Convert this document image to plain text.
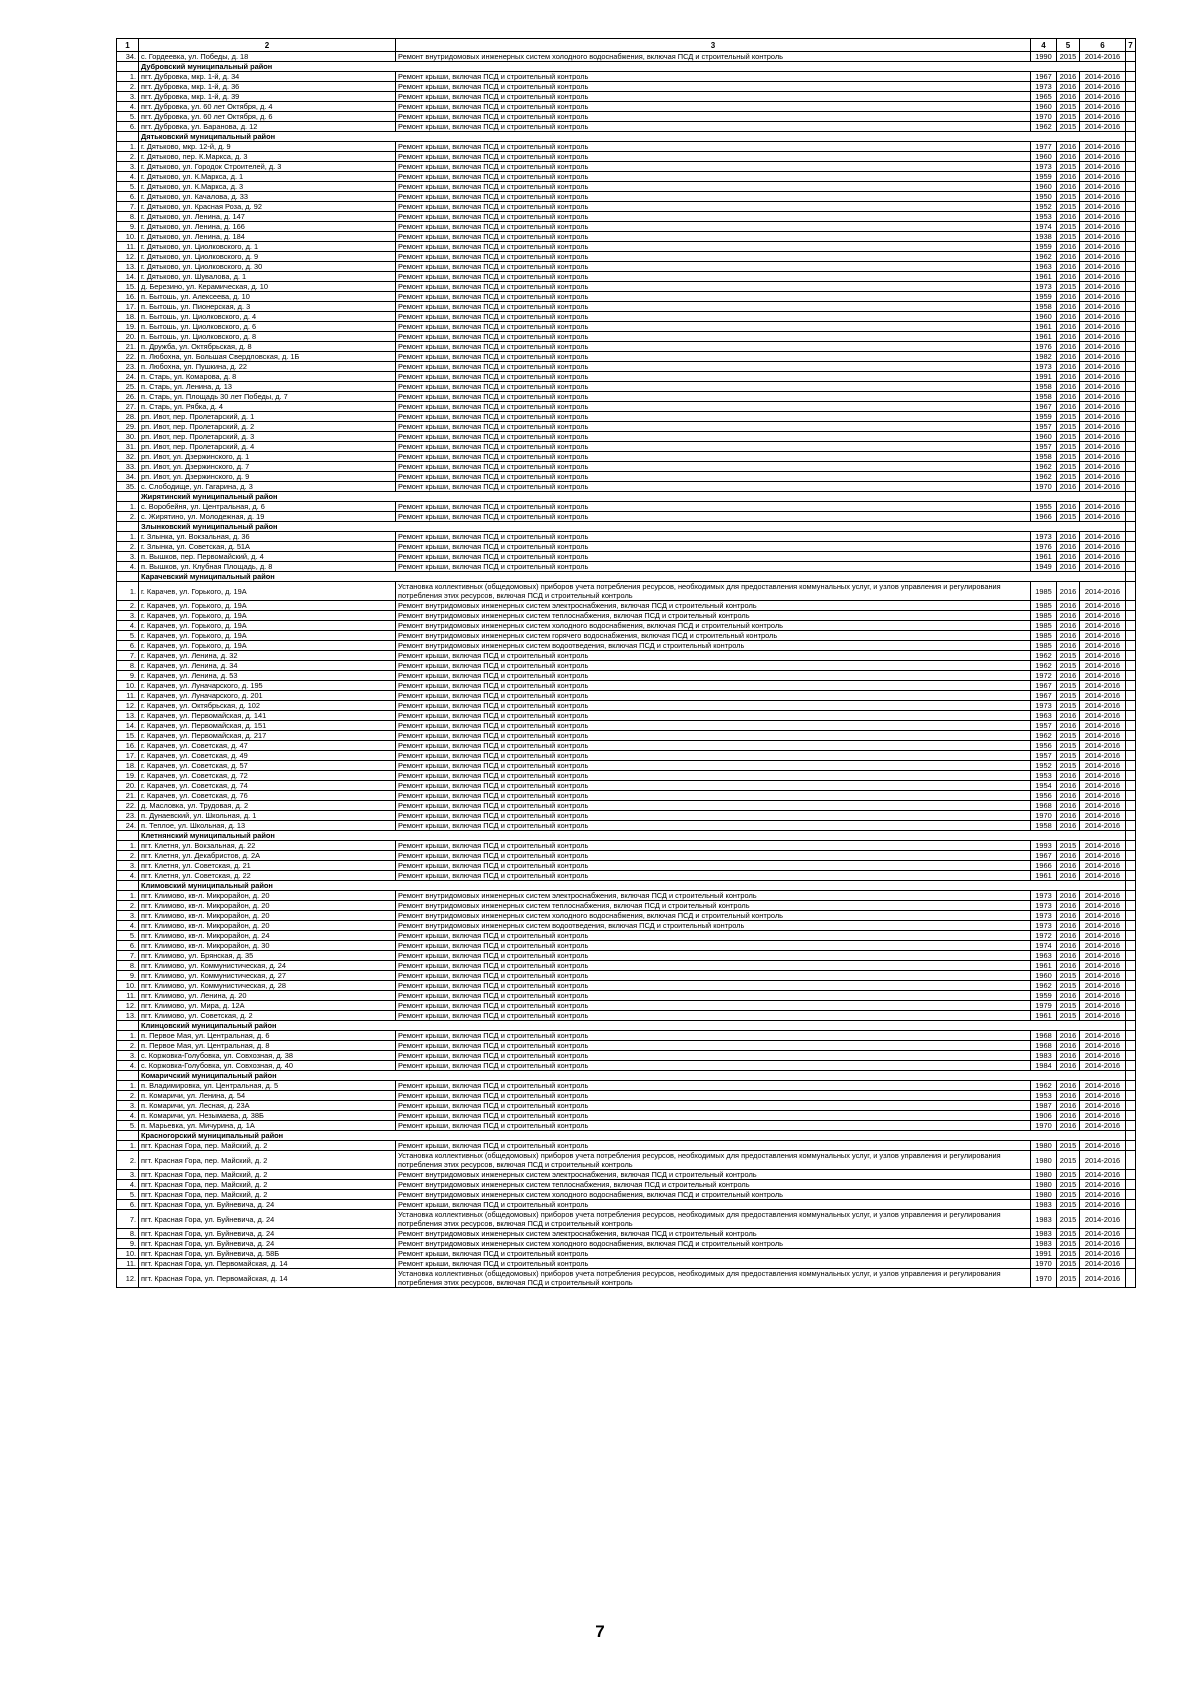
1	2	3	4	5	6	7
34.	с. Гордеевка, ул. Победы, д. 18	Ремонт внутридомовых инженерных систем холодного водоснабжения, включая ПСД и строительный контроль	1990	2015	2014-2016	
	Дубровский муниципальный район					
1.	пгт. Дубровка, мкр. 1-й, д. 34	Ремонт крыши, включая ПСД и строительный контроль	1967	2016	2014-2016	
2.	пгт. Дубровка, мкр. 1-й, д. 36	Ремонт крыши, включая ПСД и строительный контроль	1973	2016	2014-2016	
3.	пгт. Дубровка, мкр. 1-й, д. 39	Ремонт крыши, включая ПСД и строительный контроль	1965	2016	2014-2016	
4.	пгт. Дубровка, ул. 60 лет Октября, д. 4	Ремонт крыши, включая ПСД и строительный контроль	1960	2015	2014-2016	
5.	пгт. Дубровка, ул. 60 лет Октября, д. 6	Ремонт крыши, включая ПСД и строительный контроль	1970	2015	2014-2016	
6.	пгт. Дубровка, ул. Баранова, д. 12	Ремонт крыши, включая ПСД и строительный контроль	1962	2015	2014-2016	
	Дятьковский муниципальный район					
1.	г. Дятьково, мкр. 12-й, д. 9	Ремонт крыши, включая ПСД и строительный контроль	1977	2016	2014-2016	
2.	г. Дятьково, пер. К.Маркса, д. 3	Ремонт крыши, включая ПСД и строительный контроль	1960	2016	2014-2016	
3.	г. Дятьково, ул. Городок Строителей, д. 3	Ремонт крыши, включая ПСД и строительный контроль	1973	2015	2014-2016	
4.	г. Дятьково, ул. К.Маркса, д. 1	Ремонт крыши, включая ПСД и строительный контроль	1959	2016	2014-2016	
5.	г. Дятьково, ул. К.Маркса, д. 3	Ремонт крыши, включая ПСД и строительный контроль	1960	2016	2014-2016	
6.	г. Дятьково, ул. Качалова, д. 33	Ремонт крыши, включая ПСД и строительный контроль	1950	2015	2014-2016	
7.	г. Дятьково, ул. Красная Роза, д. 92	Ремонт крыши, включая ПСД и строительный контроль	1952	2015	2014-2016	
8.	г. Дятьково, ул. Ленина, д. 147	Ремонт крыши, включая ПСД и строительный контроль	1953	2016	2014-2016	
9.	г. Дятьково, ул. Ленина, д. 166	Ремонт крыши, включая ПСД и строительный контроль	1974	2015	2014-2016	
10.	г. Дятьково, ул. Ленина, д. 184	Ремонт крыши, включая ПСД и строительный контроль	1938	2015	2014-2016	
11.	г. Дятьково, ул. Циолковского, д. 1	Ремонт крыши, включая ПСД и строительный контроль	1959	2016	2014-2016	
12.	г. Дятьково, ул. Циолковского, д. 9	Ремонт крыши, включая ПСД и строительный контроль	1962	2016	2014-2016	
13.	г. Дятьково, ул. Циолковского, д. 30	Ремонт крыши, включая ПСД и строительный контроль	1963	2016	2014-2016	
14.	г. Дятьково, ул. Шувалова, д. 1	Ремонт крыши, включая ПСД и строительный контроль	1961	2016	2014-2016	
15.	д. Березино, ул. Керамическая, д. 10	Ремонт крыши, включая ПСД и строительный контроль	1973	2015	2014-2016	
16.	п. Бытошь, ул. Алексеева, д. 10	Ремонт крыши, включая ПСД и строительный контроль	1959	2016	2014-2016	
17.	п. Бытошь, ул. Пионерская, д. 3	Ремонт крыши, включая ПСД и строительный контроль	1958	2016	2014-2016	
18.	п. Бытошь, ул. Циолковского, д. 4	Ремонт крыши, включая ПСД и строительный контроль	1960	2016	2014-2016	
19.	п. Бытошь, ул. Циолковского, д. 6	Ремонт крыши, включая ПСД и строительный контроль	1961	2016	2014-2016	
20.	п. Бытошь, ул. Циолковского, д. 8	Ремонт крыши, включая ПСД и строительный контроль	1961	2016	2014-2016	
21.	п. Дружба, ул. Октябрьская, д. 8	Ремонт крыши, включая ПСД и строительный контроль	1976	2016	2014-2016	
22.	п. Любохна, ул. Большая Свердловская, д. 1Б	Ремонт крыши, включая ПСД и строительный контроль	1982	2016	2014-2016	
23.	п. Любохна, ул. Пушкина, д. 22	Ремонт крыши, включая ПСД и строительный контроль	1973	2016	2014-2016	
24.	п. Старь, ул. Комарова, д. 8	Ремонт крыши, включая ПСД и строительный контроль	1991	2016	2014-2016	
25.	п. Старь, ул. Ленина, д. 13	Ремонт крыши, включая ПСД и строительный контроль	1958	2016	2014-2016	
26.	п. Старь, ул. Площадь 30 лет Победы, д. 7	Ремонт крыши, включая ПСД и строительный контроль	1958	2016	2014-2016	
27.	п. Старь, ул. Рябка, д. 4	Ремонт крыши, включая ПСД и строительный контроль	1967	2016	2014-2016	
28.	рп. Ивот, пер. Пролетарский, д. 1	Ремонт крыши, включая ПСД и строительный контроль	1959	2015	2014-2016	
29.	рп. Ивот, пер. Пролетарский, д. 2	Ремонт крыши, включая ПСД и строительный контроль	1957	2015	2014-2016	
30.	рп. Ивот, пер. Пролетарский, д. 3	Ремонт крыши, включая ПСД и строительный контроль	1960	2015	2014-2016	
31.	рп. Ивот, пер. Пролетарский, д. 4	Ремонт крыши, включая ПСД и строительный контроль	1957	2015	2014-2016	
32.	рп. Ивот, ул. Дзержинского, д. 1	Ремонт крыши, включая ПСД и строительный контроль	1958	2015	2014-2016	
33.	рп. Ивот, ул. Дзержинского, д. 7	Ремонт крыши, включая ПСД и строительный контроль	1962	2015	2014-2016	
34.	рп. Ивот, ул. Дзержинского, д. 9	Ремонт крыши, включая ПСД и строительный контроль	1962	2015	2014-2016	
35.	с. Слободище, ул. Гагарина, д. 3	Ремонт крыши, включая ПСД и строительный контроль	1970	2016	2014-2016	
	Жирятинский муниципальный район					
1.	с. Воробейня, ул. Центральная, д. 6	Ремонт крыши, включая ПСД и строительный контроль	1955	2016	2014-2016	
2.	с. Жирятино, ул. Молодежная, д. 19	Ремонт крыши, включая ПСД и строительный контроль	1966	2015	2014-2016	
	Злынковский муниципальный район					
1.	г. Злынка, ул. Вокзальная, д. 36	Ремонт крыши, включая ПСД и строительный контроль	1973	2016	2014-2016	
2.	г. Злынка, ул. Советская, д. 51А	Ремонт крыши, включая ПСД и строительный контроль	1976	2016	2014-2016	
3.	п. Вышков, пер. Первомайский, д. 4	Ремонт крыши, включая ПСД и строительный контроль	1961	2016	2014-2016	
4.	п. Вышков, ул. Клубная Площадь, д. 8	Ремонт крыши, включая ПСД и строительный контроль	1949	2016	2014-2016	
	Карачевский муниципальный район					
1.	г. Карачев, ул. Горького, д. 19А	Установка коллективных (общедомовых) приборов учета потребления ресурсов, необходимых для предоставления коммунальных услуг, и узлов управления и регулирования потребления этих ресурсов, включая ПСД и строительный контроль	1985	2016	2014-2016	
2.	г. Карачев, ул. Горького, д. 19А	Ремонт внутридомовых инженерных систем электроснабжения, включая ПСД и строительный контроль	1985	2016	2014-2016	
3.	г. Карачев, ул. Горького, д. 19А	Ремонт внутридомовых инженерных систем теплоснабжения, включая ПСД и строительный контроль	1985	2016	2014-2016	
4.	г. Карачев, ул. Горького, д. 19А	Ремонт внутридомовых инженерных систем холодного водоснабжения, включая ПСД и строительный контроль	1985	2016	2014-2016	
5.	г. Карачев, ул. Горького, д. 19А	Ремонт внутридомовых инженерных систем горячего водоснабжения, включая ПСД и строительный контроль	1985	2016	2014-2016	
6.	г. Карачев, ул. Горького, д. 19А	Ремонт внутридомовых инженерных систем водоотведения, включая ПСД и строительный контроль	1985	2016	2014-2016	
7.	г. Карачев, ул. Ленина, д. 32	Ремонт крыши, включая ПСД и строительный контроль	1962	2015	2014-2016	
8.	г. Карачев, ул. Ленина, д. 34	Ремонт крыши, включая ПСД и строительный контроль	1962	2015	2014-2016	
9.	г. Карачев, ул. Ленина, д. 53	Ремонт крыши, включая ПСД и строительный контроль	1972	2016	2014-2016	
10.	г. Карачев, ул. Луначарского, д. 195	Ремонт крыши, включая ПСД и строительный контроль	1967	2015	2014-2016	
11.	г. Карачев, ул. Луначарского, д. 201	Ремонт крыши, включая ПСД и строительный контроль	1967	2015	2014-2016	
12.	г. Карачев, ул. Октябрьская, д. 102	Ремонт крыши, включая ПСД и строительный контроль	1973	2015	2014-2016	
13.	г. Карачев, ул. Первомайская, д. 141	Ремонт крыши, включая ПСД и строительный контроль	1963	2016	2014-2016	
14.	г. Карачев, ул. Первомайская, д. 151	Ремонт крыши, включая ПСД и строительный контроль	1957	2016	2014-2016	
15.	г. Карачев, ул. Первомайская, д. 217	Ремонт крыши, включая ПСД и строительный контроль	1962	2015	2014-2016	
16.	г. Карачев, ул. Советская, д. 47	Ремонт крыши, включая ПСД и строительный контроль	1956	2015	2014-2016	
17.	г. Карачев, ул. Советская, д. 49	Ремонт крыши, включая ПСД и строительный контроль	1957	2015	2014-2016	
18.	г. Карачев, ул. Советская, д. 57	Ремонт крыши, включая ПСД и строительный контроль	1952	2015	2014-2016	
19.	г. Карачев, ул. Советская, д. 72	Ремонт крыши, включая ПСД и строительный контроль	1953	2016	2014-2016	
20.	г. Карачев, ул. Советская, д. 74	Ремонт крыши, включая ПСД и строительный контроль	1954	2016	2014-2016	
21.	г. Карачев, ул. Советская, д. 76	Ремонт крыши, включая ПСД и строительный контроль	1956	2016	2014-2016	
22.	д. Масловка, ул. Трудовая, д. 2	Ремонт крыши, включая ПСД и строительный контроль	1968	2016	2014-2016	
23.	п. Дунаевский, ул. Школьная, д. 1	Ремонт крыши, включая ПСД и строительный контроль	1970	2016	2014-2016	
24.	п. Теплое, ул. Школьная, д. 13	Ремонт крыши, включая ПСД и строительный контроль	1958	2016	2014-2016	
	Клетнянский муниципальный район					
1.	пгт. Клетня, ул. Вокзальная, д. 22	Ремонт крыши, включая ПСД и строительный контроль	1993	2015	2014-2016	
2.	пгт. Клетня, ул. Декабристов, д. 2А	Ремонт крыши, включая ПСД и строительный контроль	1967	2016	2014-2016	
3.	пгт. Клетня, ул. Советская, д. 21	Ремонт крыши, включая ПСД и строительный контроль	1966	2016	2014-2016	
4.	пгт. Клетня, ул. Советская, д. 22	Ремонт крыши, включая ПСД и строительный контроль	1961	2016	2014-2016	
	Климовский муниципальный район					
1.	пгт. Климово, кв-л. Микрорайон, д. 20	Ремонт внутридомовых инженерных систем электроснабжения, включая ПСД и строительный контроль	1973	2016	2014-2016	
2.	пгт. Климово, кв-л. Микрорайон, д. 20	Ремонт внутридомовых инженерных систем теплоснабжения, включая ПСД и строительный контроль	1973	2016	2014-2016	
3.	пгт. Климово, кв-л. Микрорайон, д. 20	Ремонт внутридомовых инженерных систем холодного водоснабжения, включая ПСД и строительный контроль	1973	2016	2014-2016	
4.	пгт. Климово, кв-л. Микрорайон, д. 20	Ремонт внутридомовых инженерных систем водоотведения, включая ПСД и строительный контроль	1973	2016	2014-2016	
5.	пгт. Климово, кв-л. Микрорайон, д. 24	Ремонт крыши, включая ПСД и строительный контроль	1972	2016	2014-2016	
6.	пгт. Климово, кв-л. Микрорайон, д. 30	Ремонт крыши, включая ПСД и строительный контроль	1974	2016	2014-2016	
7.	пгт. Климово, ул. Брянская, д. 35	Ремонт крыши, включая ПСД и строительный контроль	1963	2016	2014-2016	
8.	пгт. Климово, ул. Коммунистическая, д. 24	Ремонт крыши, включая ПСД и строительный контроль	1961	2016	2014-2016	
9.	пгт. Климово, ул. Коммунистическая, д. 27	Ремонт крыши, включая ПСД и строительный контроль	1960	2015	2014-2016	
10.	пгт. Климово, ул. Коммунистическая, д. 28	Ремонт крыши, включая ПСД и строительный контроль	1962	2015	2014-2016	
11.	пгт. Климово, ул. Ленина, д. 20	Ремонт крыши, включая ПСД и строительный контроль	1959	2016	2014-2016	
12.	пгт. Климово, ул. Мира, д. 12А	Ремонт крыши, включая ПСД и строительный контроль	1979	2015	2014-2016	
13.	пгт. Климово, ул. Советская, д. 2	Ремонт крыши, включая ПСД и строительный контроль	1961	2015	2014-2016	
	Клинцовский муниципальный район					
1.	п. Первое Мая, ул. Центральная, д. 6	Ремонт крыши, включая ПСД и строительный контроль	1968	2016	2014-2016	
2.	п. Первое Мая, ул. Центральная, д. 8	Ремонт крыши, включая ПСД и строительный контроль	1968	2016	2014-2016	
3.	с. Коржовка-Голубовка, ул. Совхозная, д. 38	Ремонт крыши, включая ПСД и строительный контроль	1983	2016	2014-2016	
4.	с. Коржовка-Голубовка, ул. Совхозная, д. 40	Ремонт крыши, включая ПСД и строительный контроль	1984	2016	2014-2016	
	Комаричский муниципальный район					
1.	п. Владимировка, ул. Центральная, д. 5	Ремонт крыши, включая ПСД и строительный контроль	1962	2016	2014-2016	
2.	п. Комаричи, ул. Ленина, д. 54	Ремонт крыши, включая ПСД и строительный контроль	1953	2016	2014-2016	
3.	п. Комаричи, ул. Лесная, д. 23А	Ремонт крыши, включая ПСД и строительный контроль	1987	2016	2014-2016	
4.	п. Комаричи, ул. Незымаева, д. 38Б	Ремонт крыши, включая ПСД и строительный контроль	1906	2016	2014-2016	
5.	п. Марьевка, ул. Мичурина, д. 1А	Ремонт крыши, включая ПСД и строительный контроль	1970	2016	2014-2016	
	Красногорский муниципальный район					
1.	пгт. Красная Гора, пер. Майский, д. 2	Ремонт крыши, включая ПСД и строительный контроль	1980	2015	2014-2016	
2.	пгт. Красная Гора, пер. Майский, д. 2	Установка коллективных (общедомовых) приборов учета потребления ресурсов, необходимых для предоставления коммунальных услуг, и узлов управления и регулирования потребления этих ресурсов, включая ПСД и строительный контроль	1980	2015	2014-2016	
3.	пгт. Красная Гора, пер. Майский, д. 2	Ремонт внутридомовых инженерных систем электроснабжения, включая ПСД и строительный контроль	1980	2015	2014-2016	
4.	пгт. Красная Гора, пер. Майский, д. 2	Ремонт внутридомовых инженерных систем теплоснабжения, включая ПСД и строительный контроль	1980	2015	2014-2016	
5.	пгт. Красная Гора, пер. Майский, д. 2	Ремонт внутридомовых инженерных систем холодного водоснабжения, включая ПСД и строительный контроль	1980	2015	2014-2016	
6.	пгт. Красная Гора, ул. Буйневича, д. 24	Ремонт крыши, включая ПСД и строительный контроль	1983	2015	2014-2016	
7.	пгт. Красная Гора, ул. Буйневича, д. 24	Установка коллективных (общедомовых) приборов учета потребления ресурсов, необходимых для предоставления коммунальных услуг, и узлов управления и регулирования потребления этих ресурсов, включая ПСД и строительный контроль	1983	2015	2014-2016	
8.	пгт. Красная Гора, ул. Буйневича, д. 24	Ремонт внутридомовых инженерных систем электроснабжения, включая ПСД и строительный контроль	1983	2015	2014-2016	
9.	пгт. Красная Гора, ул. Буйневича, д. 24	Ремонт внутридомовых инженерных систем холодного водоснабжения, включая ПСД и строительный контроль	1983	2015	2014-2016	
10.	пгт. Красная Гора, ул. Буйневича, д. 58Б	Ремонт крыши, включая ПСД и строительный контроль	1991	2015	2014-2016	
11.	пгт. Красная Гора, ул. Первомайская, д. 14	Ремонт крыши, включая ПСД и строительный контроль	1970	2015	2014-2016	
12.	пгт. Красная Гора, ул. Первомайская, д. 14	Установка коллективных (общедомовых) приборов учета потребления ресурсов, необходимых для предоставления коммунальных услуг, и узлов управления и регулирования потребления этих ресурсов, включая ПСД и строительный контроль	1970	2015	2014-2016	
7
